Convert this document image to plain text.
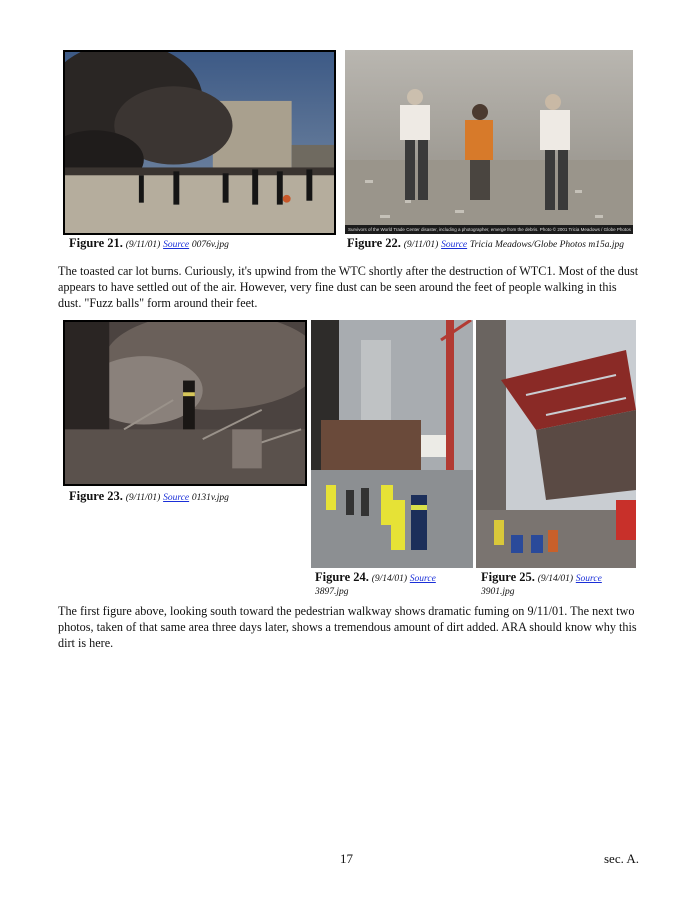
Figure 21. (9/11/01) Source 0076v.jpg
Survivors of the World Trade Center disaster, including a photographer, emerge from the debris. Photo © 2001 Tricia Meadows / Globe Photos
Figure 22. (9/11/01) Source Tricia Meadows/Globe Photos m15a.jpg

The toasted car lot burns. Curiously, it's upwind from the WTC shortly after the destruction of WTC1. Most of the dust appears to have settled out of the air. However, very fine dust can be seen around the feet of people walking in this dust. "Fuzz balls" form around their feet.

Figure 23. (9/11/01) Source 0131v.jpg
Figure 24. (9/14/01) Source
3897.jpg
Figure 25. (9/14/01) Source
3901.jpg

The first figure above, looking south toward the pedestrian walkway shows dramatic fuming on 9/11/01. The next two photos, taken of that same area three days later, shows a tremendous amount of dirt added. ARA should know why this dirt is here.

17	sec. A.
